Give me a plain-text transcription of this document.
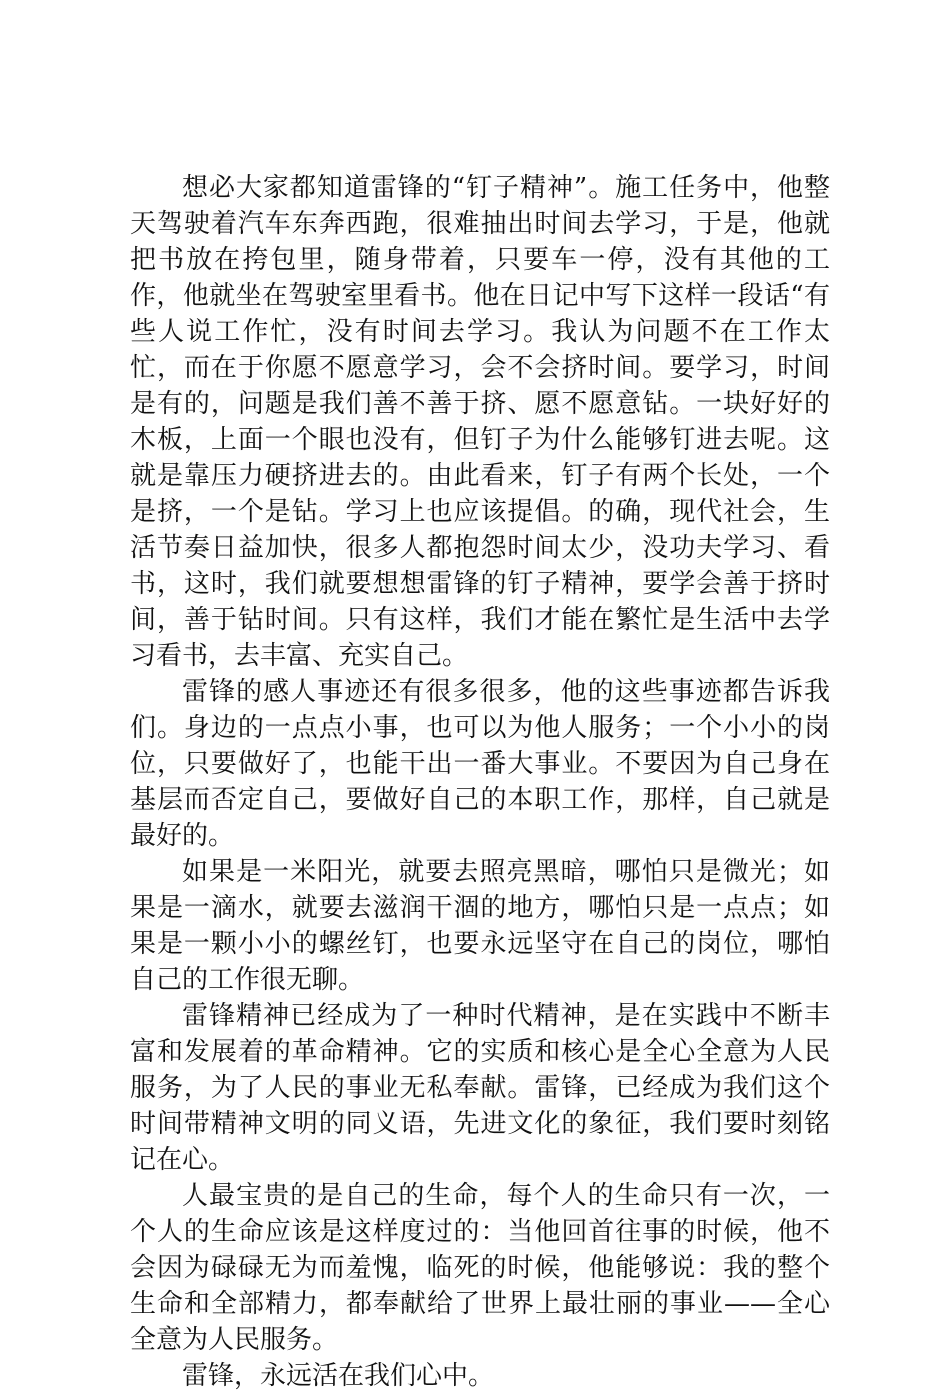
想必大家都知道雷锋的“钉子精神”。施工任务中，他整天驾驶着汽车东奔西跑，很难抽出时间去学习，于是，他就把书放在挎包里，随身带着，只要车一停，没有其他的工作，他就坐在驾驶室里看书。他在日记中写下这样一段话“有些人说工作忙，没有时间去学习。我认为问题不在工作太忙，而在于你愿不愿意学习，会不会挤时间。要学习，时间是有的，问题是我们善不善于挤、愿不愿意钻。一块好好的木板，上面一个眼也没有，但钉子为什么能够钉进去呢。这就是靠压力硬挤进去的。由此看来，钉子有两个长处，一个是挤，一个是钻。学习上也应该提倡。的确，现代社会，生活节奏日益加快，很多人都抱怨时间太少，没功夫学习、看书，这时，我们就要想想雷锋的钉子精神，要学会善于挤时间，善于钻时间。只有这样，我们才能在繁忙是生活中去学习看书，去丰富、充实自己。

雷锋的感人事迹还有很多很多，他的这些事迹都告诉我们。身边的一点点小事，也可以为他人服务；一个小小的岗位，只要做好了，也能干出一番大事业。不要因为自己身在基层而否定自己，要做好自己的本职工作，那样，自己就是最好的。

如果是一米阳光，就要去照亮黑暗，哪怕只是微光；如果是一滴水，就要去滋润干涸的地方，哪怕只是一点点；如果是一颗小小的螺丝钉，也要永远坚守在自己的岗位，哪怕自己的工作很无聊。

雷锋精神已经成为了一种时代精神，是在实践中不断丰富和发展着的革命精神。它的实质和核心是全心全意为人民服务，为了人民的事业无私奉献。雷锋，已经成为我们这个时间带精神文明的同义语，先进文化的象征，我们要时刻铭记在心。

人最宝贵的是自己的生命，每个人的生命只有一次，一个人的生命应该是这样度过的：当他回首往事的时候，他不会因为碌碌无为而羞愧，临死的时候，他能够说：我的整个生命和全部精力，都奉献给了世界上最壮丽的事业——全心全意为人民服务。

雷锋，永远活在我们心中。
